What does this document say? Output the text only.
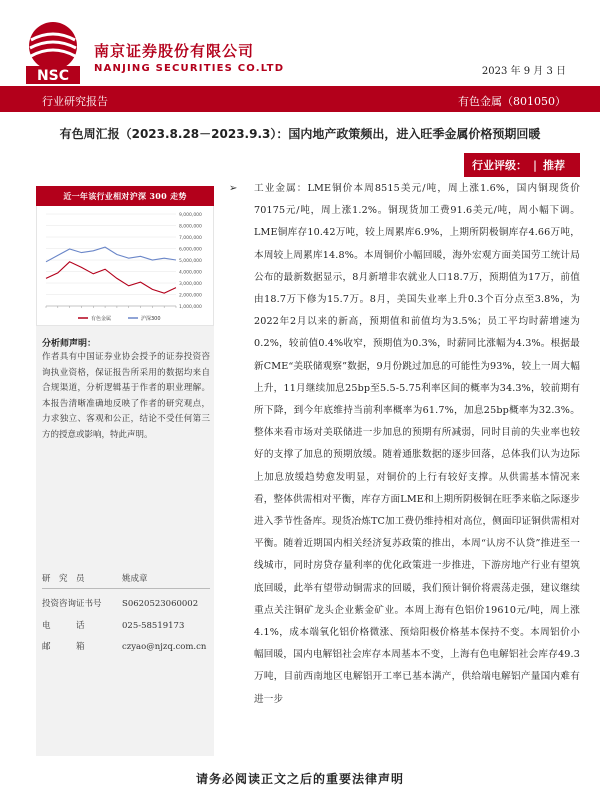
NSC
南京证券股份有限公司
NANJING SECURITIES CO.LTD	2023 年 9 月 3 日
行业研究报告	有色金属（801050）
有色周汇报（2023.8.28－2023.9.3）：国内地产政策频出，进入旺季金属价格预期回暖
行业评级： | 推荐
近一年该行业相对沪深 300 走势
9,000,000
8,000,000
7,000,000
6,000,000
5,000,000
4,000,000
3,000,000
2,000,000
1,000,000
有色金属	沪深300
分析师声明：
作者具有中国证券业协会授予的证券投资咨询执业资格，保证报告所采用的数据均来自合规渠道，分析逻辑基于作者的职业理解。本报告清晰准确地反映了作者的研究观点，力求独立、客观和公正，结论不受任何第三方的授意或影响，特此声明。
研　究　员	姚成章
投资咨询证书号 S0620523060002
电　　　话	025-58519173
邮　　　箱	czyao@njzq.com.cn
➢ 工业金属：LME铜价本周8515美元/吨，周上涨1.6%，国内铜现货价70175元/吨，周上涨1.2%。铜现货加工费91.6美元/吨，周小幅下调。LME铜库存10.42万吨，较上周累库6.9%，上期所阴极铜库存4.66万吨，本周较上周累库14.8%。本周铜价小幅回暖，海外宏观方面美国劳工统计局公布的最新数据显示，8月新增非农就业人口18.7万，预期值为17万，前值由18.7万下修为15.7万。8月，美国失业率上升0.3个百分点至3.8%，为2022年2月以来的新高，预期值和前值均为3.5%；员工平均时薪增速为0.2%，较前值0.4%收窄，预期值为0.3%，时薪同比涨幅为4.3%。根据最新CME“美联储观察”数据，9月份跳过加息的可能性为93%，较上一周大幅上升，11月继续加息25bp至5.5-5.75利率区间的概率为34.3%，较前期有所下降，到今年底维持当前利率概率为61.7%，加息25bp概率为32.3%。整体来看市场对美联储进一步加息的预期有所减弱，同时目前的失业率也较好的支撑了加息的预期放缓。随着通胀数据的逐步回落，总体我们认为边际上加息放缓趋势愈发明显，对铜价的上行有较好支撑。从供需基本情况来看，整体供需相对平衡，库存方面LME和上期所阴极铜在旺季来临之际逐步进入季节性备库。现货冶炼TC加工费仍维持相对高位，侧面印证铜供需相对平衡。随着近期国内相关经济复苏政策的推出，本周“认房不认贷”推进至一线城市，同时房贷存量利率的优化政策进一步推进，下游房地产行业有望筑底回暖，此举有望带动铜需求的回暖，我们预计铜价将震荡走强，建议继续重点关注铜矿龙头企业紫金矿业。本周上海有色铝价19610元/吨，周上涨4.1%，成本端氧化铝价格微涨、预焙阳极价格基本保持不变。本周铝价小幅回暖，国内电解铝社会库存本周基本不变，上海有色电解铝社会库存49.3万吨，目前西南地区电解铝开工率已基本满产，供给端电解铝产量国内难有进一步
请务必阅读正文之后的重要法律声明
